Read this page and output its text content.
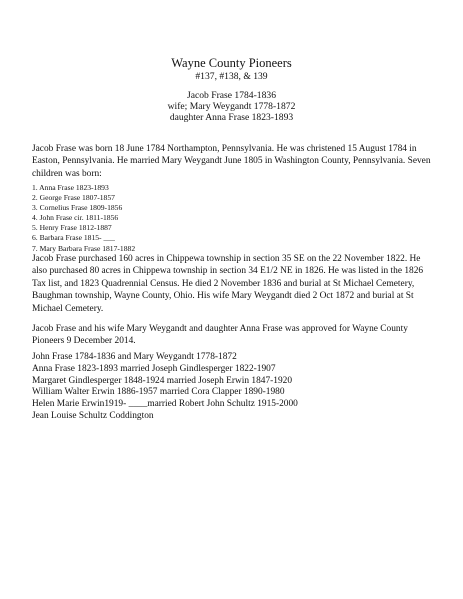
Wayne County Pioneers
#137, #138, & 139
Jacob Frase 1784-1836
wife; Mary Weygandt 1778-1872
daughter Anna Frase 1823-1893

Jacob Frase was born 18 June 1784 Northampton, Pennsylvania. He was christened 15 August 1784 in Easton, Pennsylvania. He married Mary Weygandt June 1805 in Washington County, Pennsylvania. Seven children was born:

1. Anna Frase 1823-1893
2. George Frase 1807-1857
3. Cornelius Frase 1809-1856
4. John Frase cir. 1811-1856
5. Henry Frase 1812-1887
6. Barbara Frase 1815- ___
7. Mary Barbara Frase 1817-1882

Jacob Frase purchased 160 acres in Chippewa township in section 35 SE on the 22 November 1822. He also purchased 80 acres in Chippewa township in section 34 E1/2 NE in 1826. He was listed in the 1826 Tax list, and 1823 Quadrennial Census. He died 2 November 1836 and burial at St Michael Cemetery, Baughman township, Wayne County, Ohio. His wife Mary Weygandt died 2 Oct 1872 and burial at St Michael Cemetery.

Jacob Frase and his wife Mary Weygandt and daughter Anna Frase was approved for Wayne County Pioneers 9 December 2014.

John Frase 1784-1836 and Mary Weygandt 1778-1872
Anna Frase 1823-1893 married Joseph Gindlesperger 1822-1907
Margaret Gindlesperger 1848-1924 married Joseph Erwin 1847-1920
William Walter Erwin 1886-1957 married Cora Clapper 1890-1980
Helen Marie Erwin1919- ____married Robert John Schultz 1915-2000
Jean Louise Schultz Coddington
